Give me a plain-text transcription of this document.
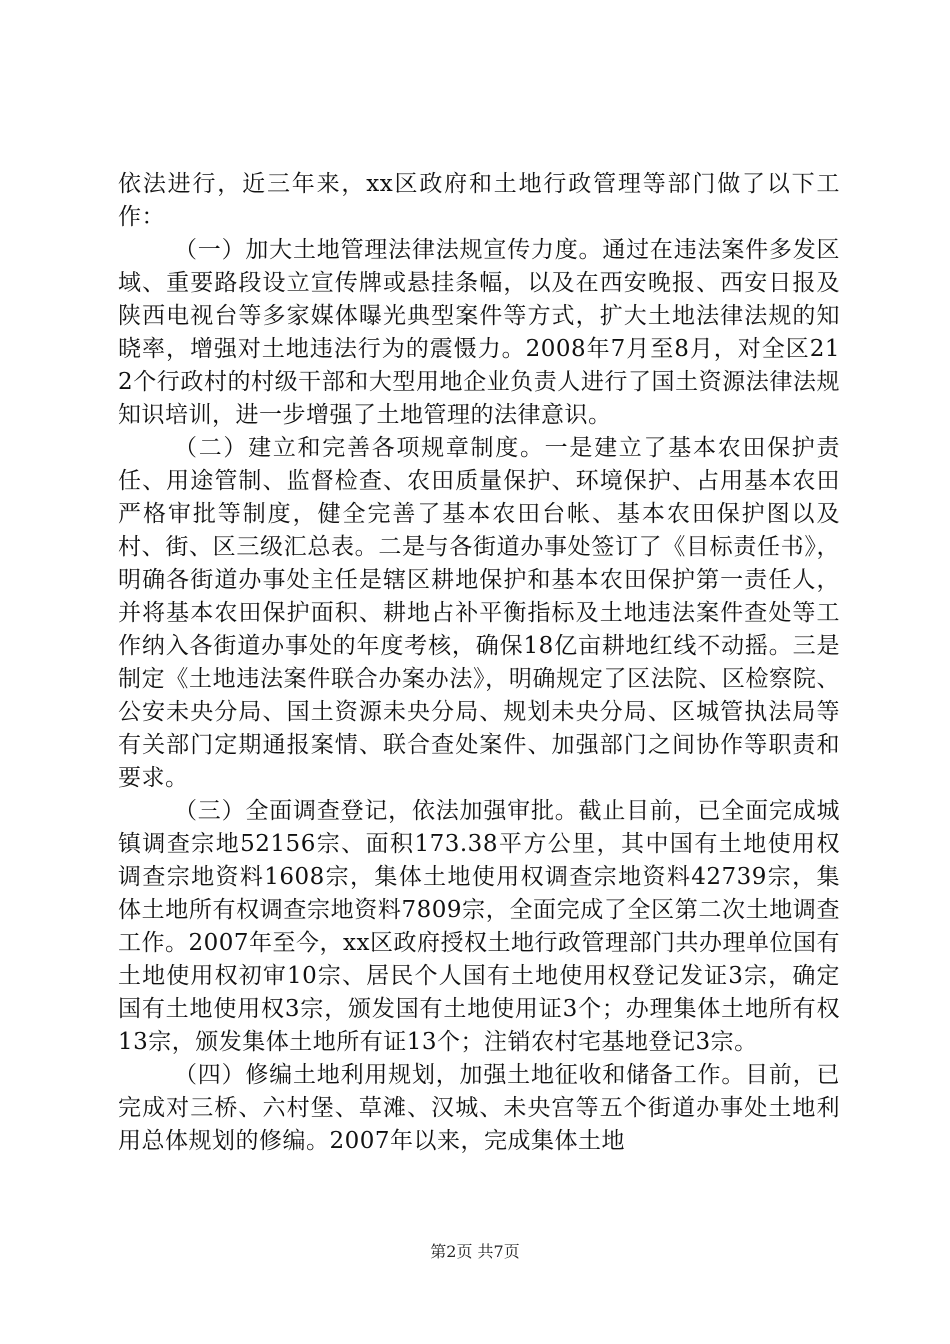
依法进行，近三年来，xx区政府和土地行政管理等部门做了以下工作：

（一）加大土地管理法律法规宣传力度。通过在违法案件多发区域、重要路段设立宣传牌或悬挂条幅，以及在西安晚报、西安日报及陕西电视台等多家媒体曝光典型案件等方式，扩大土地法律法规的知晓率，增强对土地违法行为的震慑力。2008年7月至8月，对全区212个行政村的村级干部和大型用地企业负责人进行了国土资源法律法规知识培训，进一步增强了土地管理的法律意识。

（二）建立和完善各项规章制度。一是建立了基本农田保护责任、用途管制、监督检查、农田质量保护、环境保护、占用基本农田严格审批等制度，健全完善了基本农田台帐、基本农田保护图以及村、街、区三级汇总表。二是与各街道办事处签订了《目标责任书》，明确各街道办事处主任是辖区耕地保护和基本农田保护第一责任人，并将基本农田保护面积、耕地占补平衡指标及土地违法案件查处等工作纳入各街道办事处的年度考核，确保18亿亩耕地红线不动摇。三是制定《土地违法案件联合办案办法》，明确规定了区法院、区检察院、公安未央分局、国土资源未央分局、规划未央分局、区城管执法局等有关部门定期通报案情、联合查处案件、加强部门之间协作等职责和要求。

（三）全面调查登记，依法加强审批。截止目前，已全面完成城镇调查宗地52156宗、面积173.38平方公里，其中国有土地使用权调查宗地资料1608宗，集体土地使用权调查宗地资料42739宗，集体土地所有权调查宗地资料7809宗，全面完成了全区第二次土地调查工作。2007年至今，xx区政府授权土地行政管理部门共办理单位国有土地使用权初审10宗、居民个人国有土地使用权登记发证3宗，确定国有土地使用权3宗，颁发国有土地使用证3个；办理集体土地所有权13宗，颁发集体土地所有证13个；注销农村宅基地登记3宗。

（四）修编土地利用规划，加强土地征收和储备工作。目前，已完成对三桥、六村堡、草滩、汉城、未央宫等五个街道办事处土地利用总体规划的修编。2007年以来，完成集体土地

第2页 共7页
